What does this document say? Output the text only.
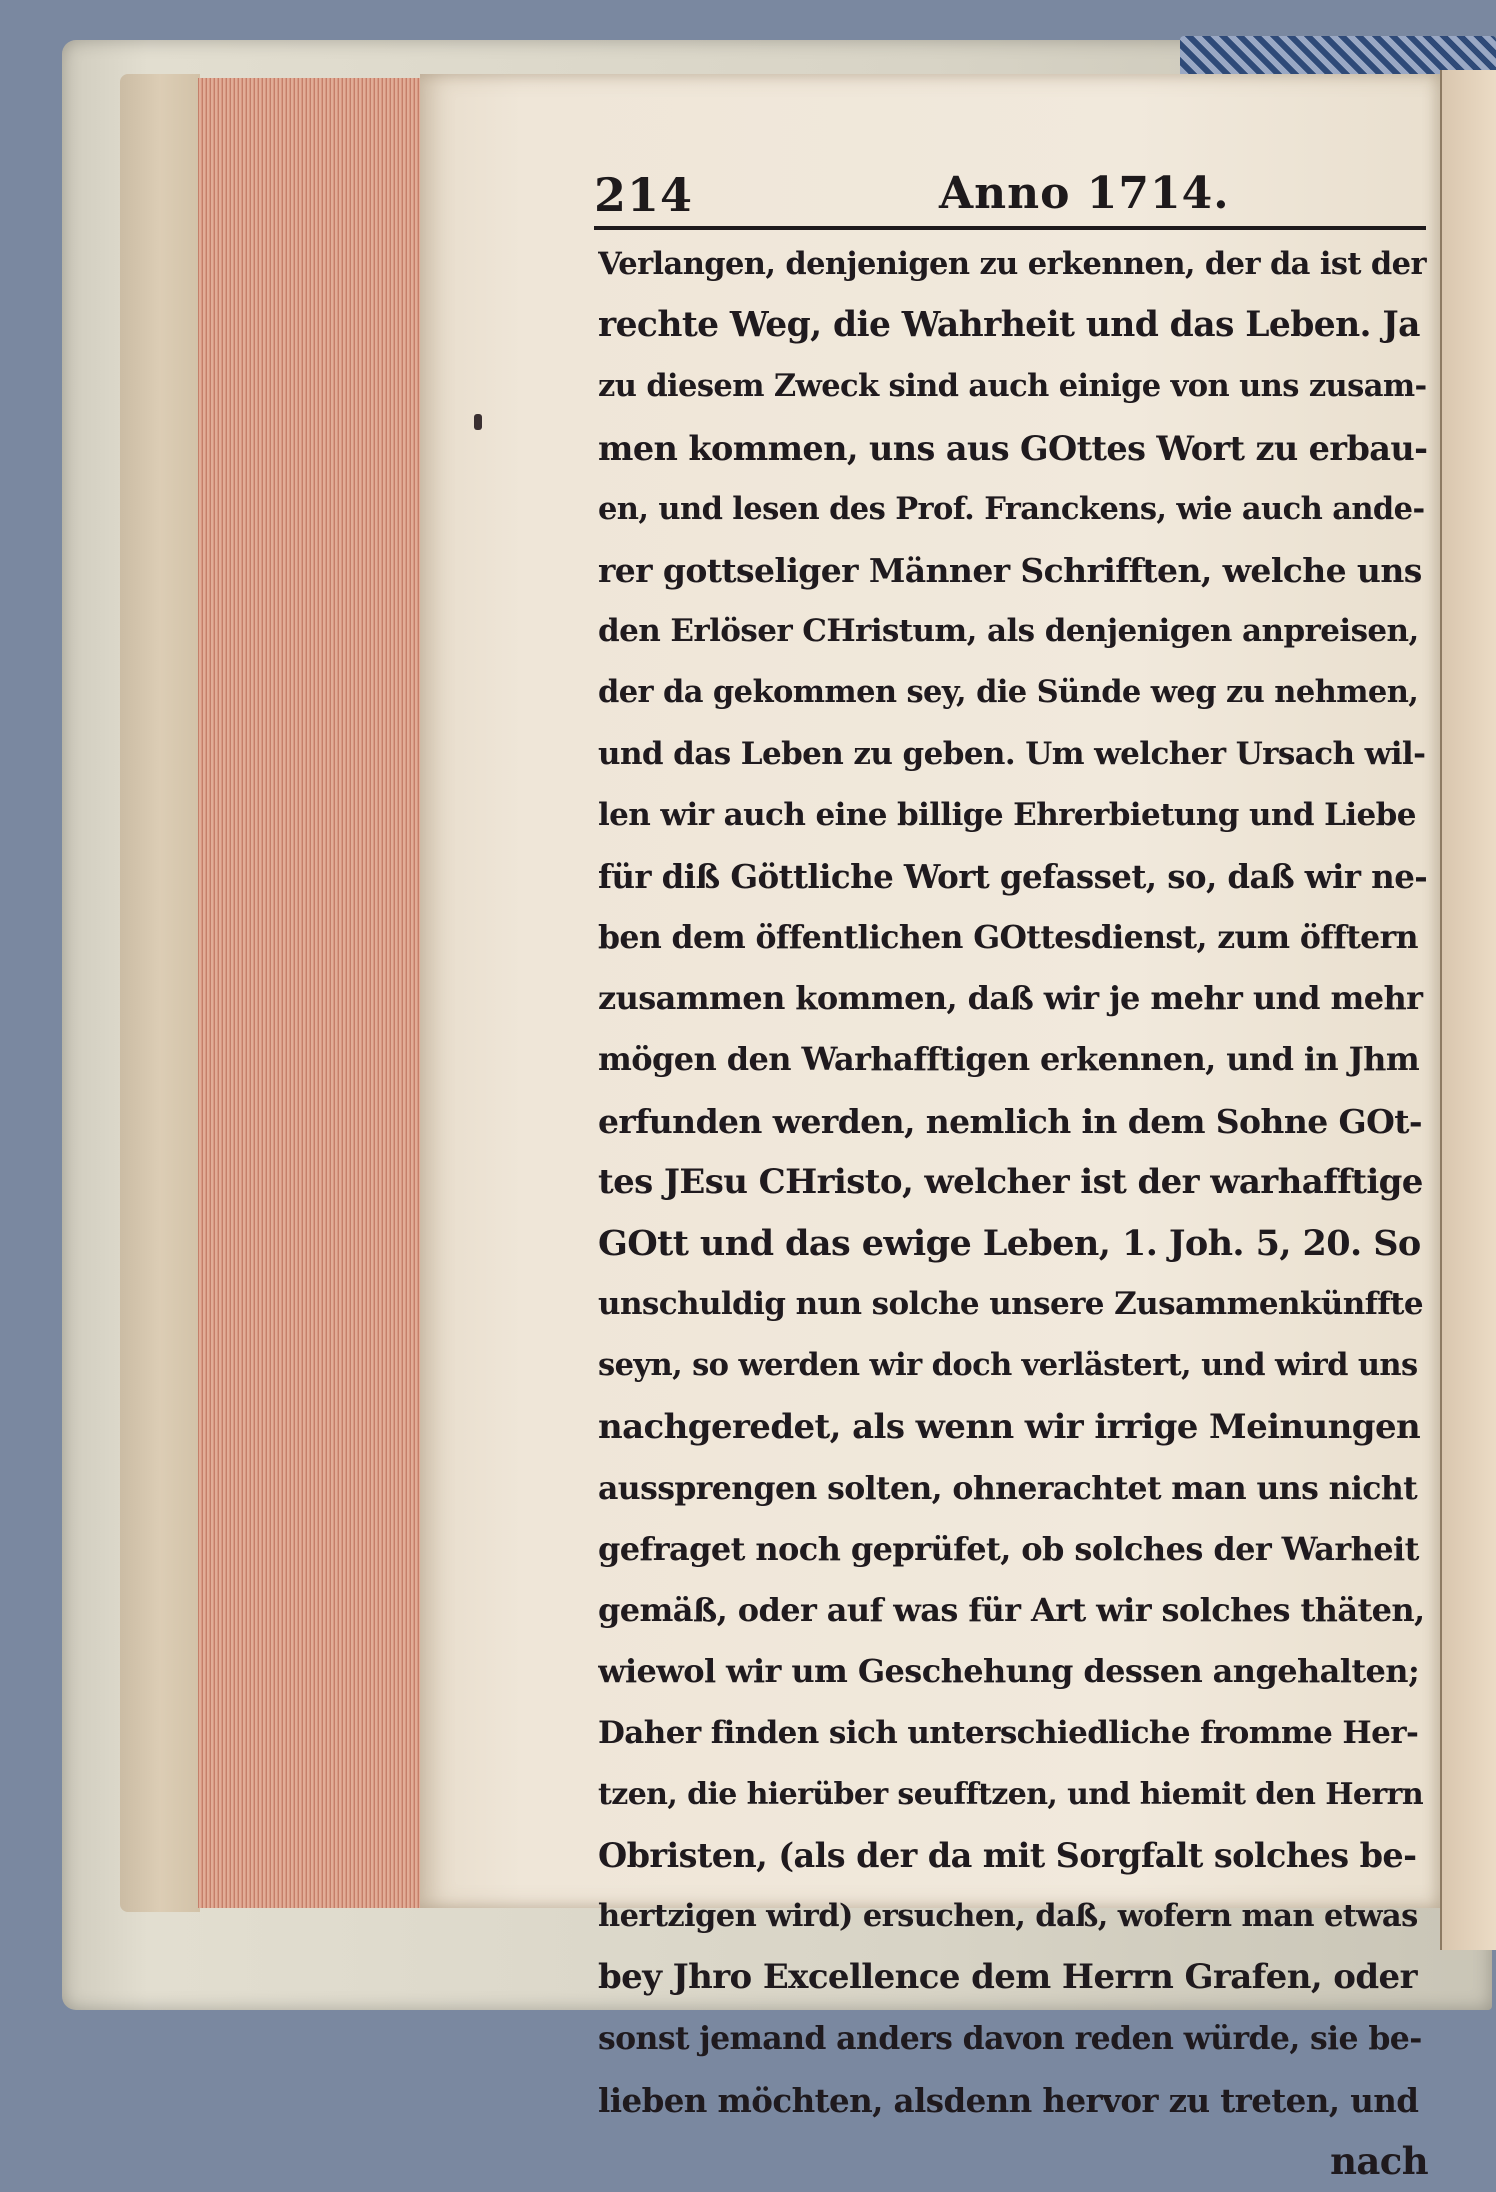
214	Anno 1714.
Verlangen, denjenigen zu erkennen, der da ist der
rechte Weg, die Wahrheit und das Leben. Ja
zu diesem Zweck sind auch einige von uns zusam-
men kommen, uns aus GOttes Wort zu erbau-
en, und lesen des Prof. Franckens, wie auch ande-
rer gottseliger Männer Schrifften, welche uns
den Erlöser CHristum, als denjenigen anpreisen,
der da gekommen sey, die Sünde weg zu nehmen,
und das Leben zu geben. Um welcher Ursach wil-
len wir auch eine billige Ehrerbietung und Liebe
für diß Göttliche Wort gefasset, so, daß wir ne-
ben dem öffentlichen GOttesdienst, zum öfftern
zusammen kommen, daß wir je mehr und mehr
mögen den Warhafftigen erkennen, und in Jhm
erfunden werden, nemlich in dem Sohne GOt-
tes JEsu CHristo, welcher ist der warhafftige
GOtt und das ewige Leben, 1. Joh. 5, 20. So
unschuldig nun solche unsere Zusammenkünffte
seyn, so werden wir doch verlästert, und wird uns
nachgeredet, als wenn wir irrige Meinungen
aussprengen solten, ohnerachtet man uns nicht
gefraget noch geprüfet, ob solches der Warheit
gemäß, oder auf was für Art wir solches thäten,
wiewol wir um Geschehung dessen angehalten;
Daher finden sich unterschiedliche fromme Her-
tzen, die hierüber seufftzen, und hiemit den Herrn
Obristen, (als der da mit Sorgfalt solches be-
hertzigen wird) ersuchen, daß, wofern man etwas
bey Jhro Excellence dem Herrn Grafen, oder
sonst jemand anders davon reden würde, sie be-
lieben möchten, alsdenn hervor zu treten, und
nach
